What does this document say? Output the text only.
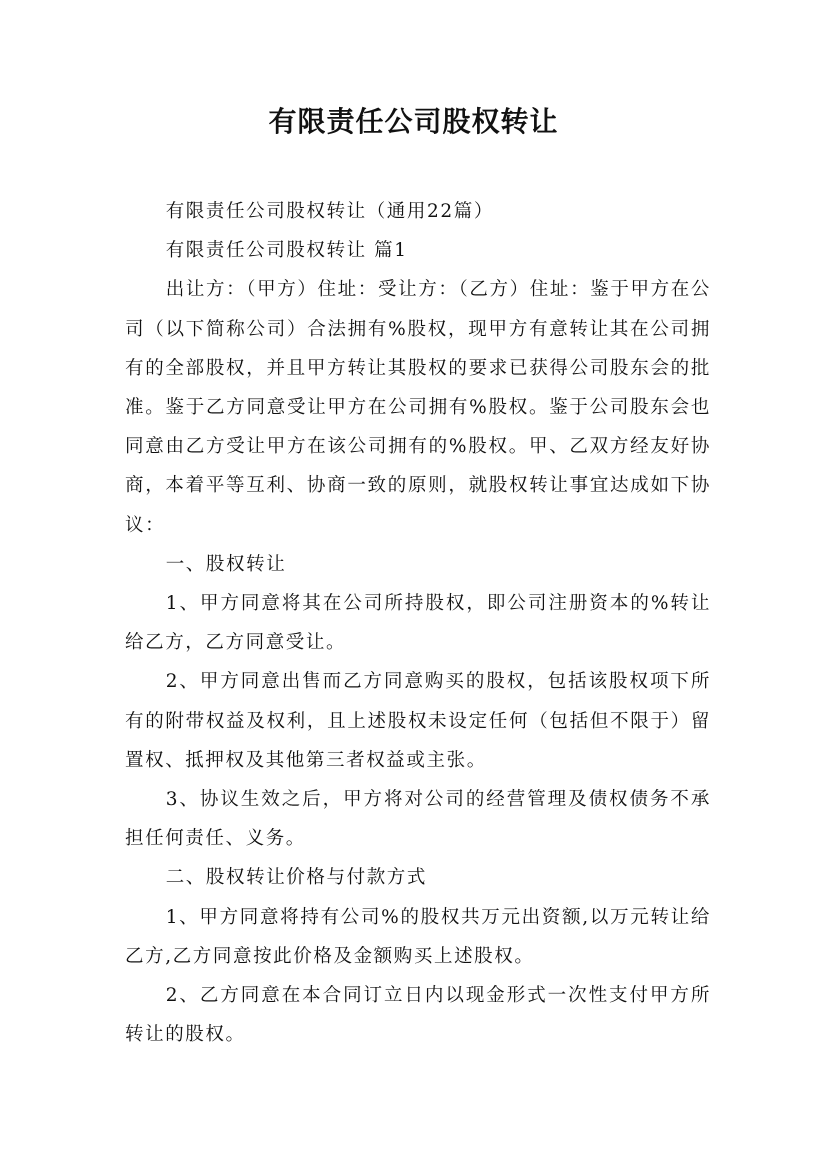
有限责任公司股权转让

有限责任公司股权转让（通用22篇）

有限责任公司股权转让 篇1

出让方：（甲方）住址：受让方：（乙方）住址：鉴于甲方在公司（以下简称公司）合法拥有%股权，现甲方有意转让其在公司拥有的全部股权，并且甲方转让其股权的要求已获得公司股东会的批准。鉴于乙方同意受让甲方在公司拥有%股权。鉴于公司股东会也同意由乙方受让甲方在该公司拥有的%股权。甲、乙双方经友好协商，本着平等互利、协商一致的原则，就股权转让事宜达成如下协议：

一、股权转让

1、甲方同意将其在公司所持股权，即公司注册资本的%转让给乙方，乙方同意受让。

2、甲方同意出售而乙方同意购买的股权，包括该股权项下所有的附带权益及权利，且上述股权未设定任何（包括但不限于）留置权、抵押权及其他第三者权益或主张。

3、协议生效之后，甲方将对公司的经营管理及债权债务不承担任何责任、义务。

二、股权转让价格与付款方式

1、甲方同意将持有公司%的股权共万元出资额,以万元转让给乙方,乙方同意按此价格及金额购买上述股权。

2、乙方同意在本合同订立日内以现金形式一次性支付甲方所转让的股权。
